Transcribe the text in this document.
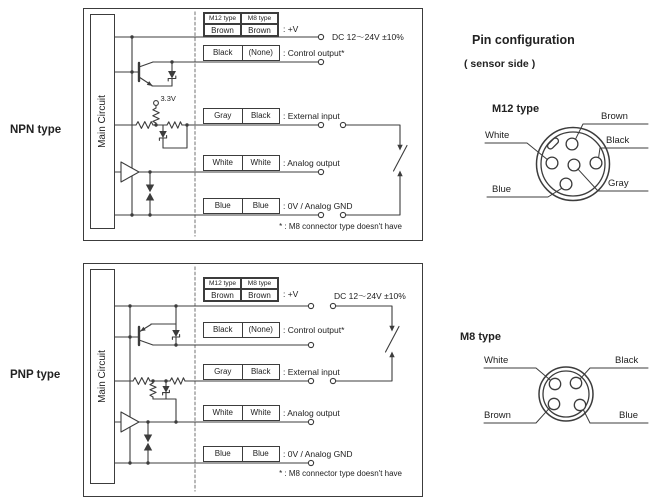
NPN type	Main Circuit
M12 type	M8 type
Brown	Brown	: +V
DC 12～24V ±10%
Black	(None)	: Control output*
3.3V
Gray	Black	: External input
White	White	: Analog output
Blue	Blue	: 0V / Analog GND
* : M8 connector type doesn't have
PNP type	Main Circuit
M12 type	M8 type
Brown	Brown	: +V	DC 12～24V ±10%
Black	(None)	: Control output*
Gray	Black	: External input
White	White	: Analog output
Blue	Blue	: 0V / Analog GND
* : M8 connector type doesn't have
Pin configuration
( sensor side )
M12 type
White
Brown
Black
Gray
Blue
M8 type
White	Black
Brown	Blue
